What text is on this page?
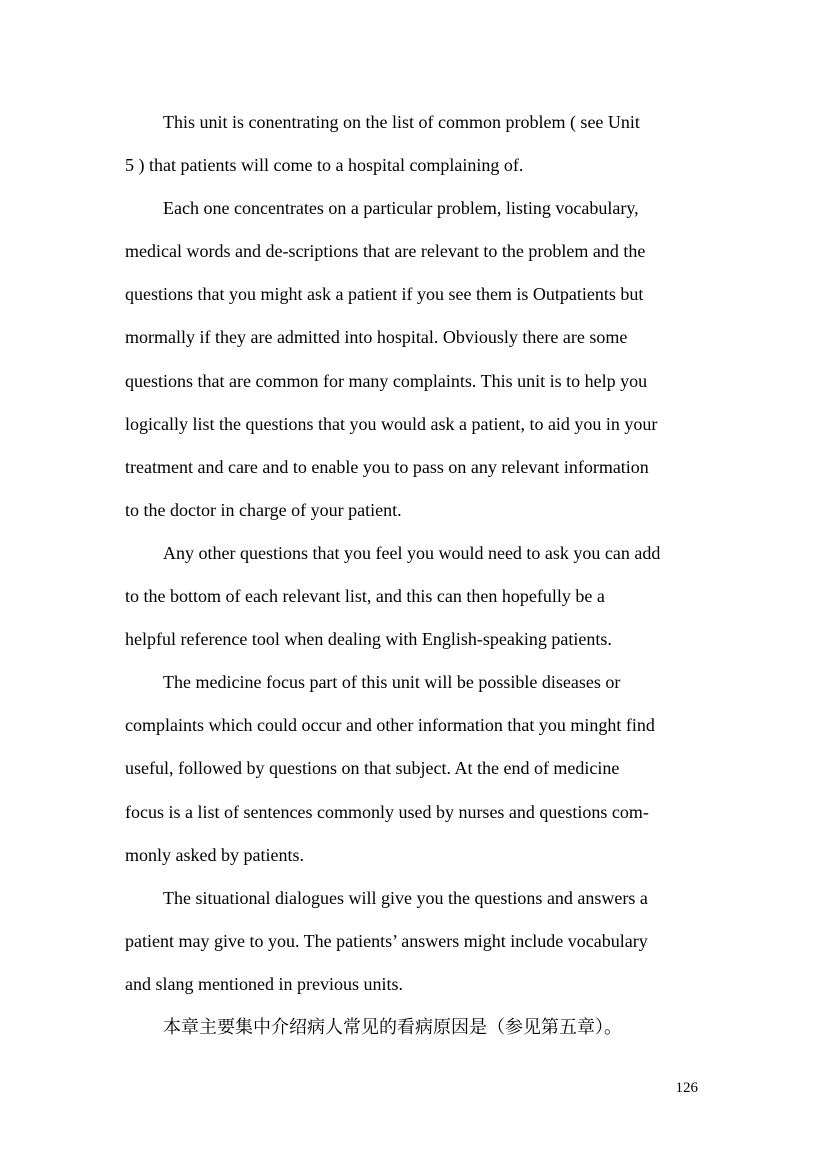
This unit is conentrating on the list of common problem ( see Unit
5 ) that patients will come to a hospital complaining of.

Each one concentrates on a particular problem, listing vocabulary,
medical words and de-scriptions that are relevant to the problem and the
questions that you might ask a patient if you see them is Outpatients but
mormally if they are admitted into hospital. Obviously there are some
questions that are common for many complaints. This unit is to help you
logically list the questions that you would ask a patient, to aid you in your
treatment and care and to enable you to pass on any relevant information
to the doctor in charge of your patient.

Any other questions that you feel you would need to ask you can add
to the bottom of each relevant list, and this can then hopefully be a
helpful reference tool when dealing with English-speaking patients.

The medicine focus part of this unit will be possible diseases or
complaints which could occur and other information that you minght find
useful, followed by questions on that subject. At the end of medicine
focus is a list of sentences commonly used by nurses and questions com-
monly asked by patients.

The situational dialogues will give you the questions and answers a
patient may give to you. The patients’ answers might include vocabulary
and slang mentioned in previous units.

本章主要集中介绍病人常见的看病原因是（参见第五章）。

126
